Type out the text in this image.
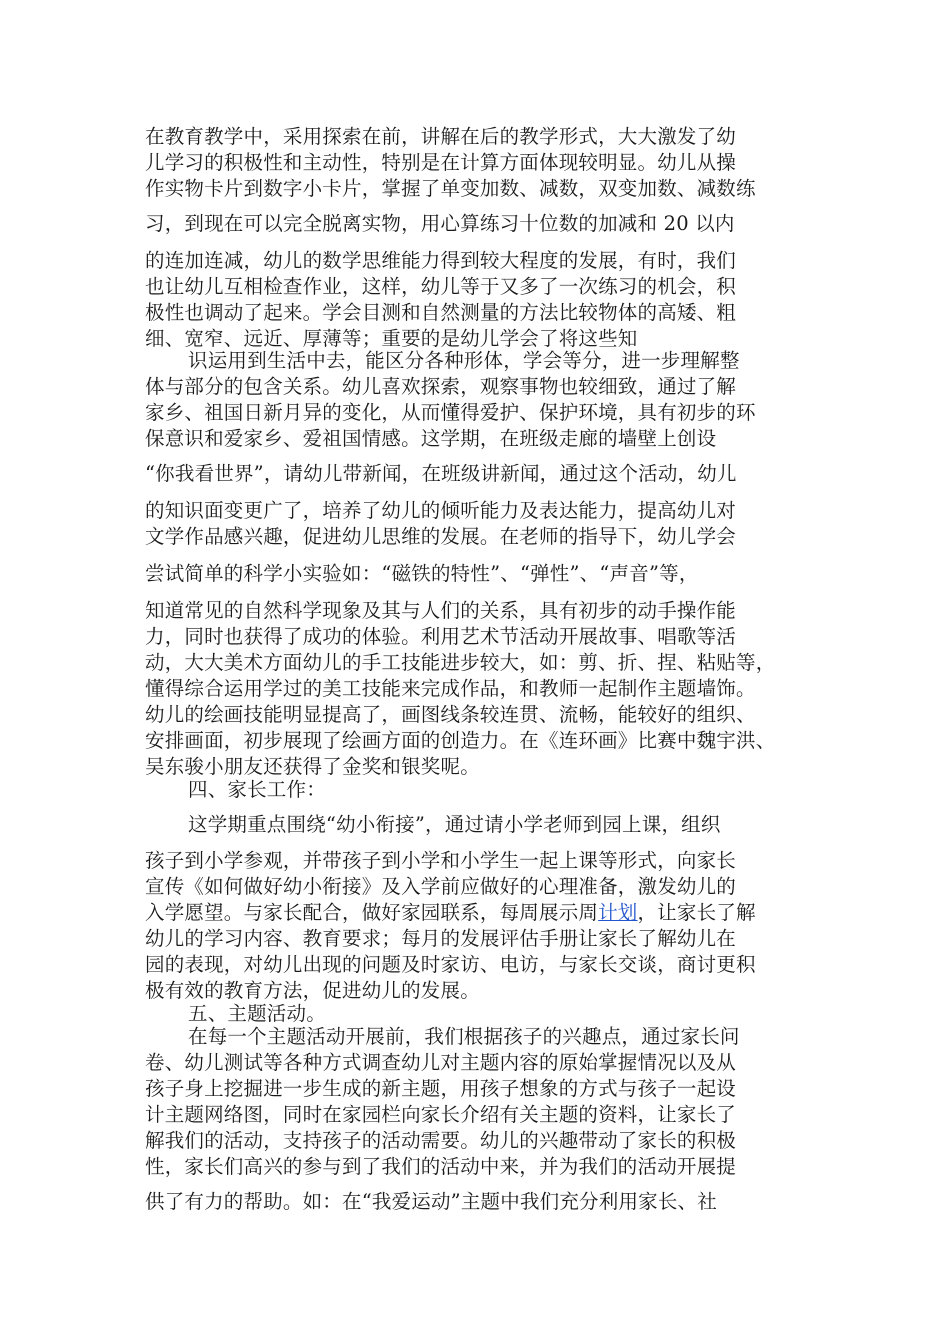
在教育教学中，采用探索在前，讲解在后的教学形式，大大激发了幼
儿学习的积极性和主动性，特别是在计算方面体现较明显。幼儿从操
作实物卡片到数字小卡片，掌握了单变加数、减数，双变加数、减数练
习，到现在可以完全脱离实物，用心算练习十位数的加减和 20 以内
的连加连减，幼儿的数学思维能力得到较大程度的发展，有时，我们
也让幼儿互相检查作业，这样，幼儿等于又多了一次练习的机会，积
极性也调动了起来。学会目测和自然测量的方法比较物体的高矮、粗
细、宽窄、远近、厚薄等；重要的是幼儿学会了将这些知
识运用到生活中去，能区分各种形体，学会等分，进一步理解整
体与部分的包含关系。幼儿喜欢探索，观察事物也较细致，通过了解
家乡、祖国日新月异的变化，从而懂得爱护、保护环境，具有初步的环
保意识和爱家乡、爱祖国情感。这学期，在班级走廊的墙壁上创设
“你我看世界”，请幼儿带新闻，在班级讲新闻，通过这个活动，幼儿
的知识面变更广了，培养了幼儿的倾听能力及表达能力，提高幼儿对
文学作品感兴趣，促进幼儿思维的发展。在老师的指导下，幼儿学会
尝试简单的科学小实验如：“磁铁的特性”、“弹性”、“声音”等，
知道常见的自然科学现象及其与人们的关系，具有初步的动手操作能
力，同时也获得了成功的体验。利用艺术节活动开展故事、唱歌等活
动，大大美术方面幼儿的手工技能进步较大，如：剪、折、捏、粘贴等，
懂得综合运用学过的美工技能来完成作品，和教师一起制作主题墙饰。
幼儿的绘画技能明显提高了，画图线条较连贯、流畅，能较好的组织、
安排画面，初步展现了绘画方面的创造力。在《连环画》比赛中魏宇洪、
吴东骏小朋友还获得了金奖和银奖呢。
四、家长工作：
这学期重点围绕“幼小衔接”，通过请小学老师到园上课，组织
孩子到小学参观，并带孩子到小学和小学生一起上课等形式，向家长
宣传《如何做好幼小衔接》及入学前应做好的心理准备，激发幼儿的
入学愿望。与家长配合，做好家园联系，每周展示周计划，让家长了解
幼儿的学习内容、教育要求；每月的发展评估手册让家长了解幼儿在
园的表现，对幼儿出现的问题及时家访、电访，与家长交谈，商讨更积
极有效的教育方法，促进幼儿的发展。
五、主题活动。
在每一个主题活动开展前，我们根据孩子的兴趣点，通过家长问
卷、幼儿测试等各种方式调查幼儿对主题内容的原始掌握情况以及从
孩子身上挖掘进一步生成的新主题，用孩子想象的方式与孩子一起设
计主题网络图，同时在家园栏向家长介绍有关主题的资料，让家长了
解我们的活动，支持孩子的活动需要。幼儿的兴趣带动了家长的积极
性，家长们高兴的参与到了我们的活动中来，并为我们的活动开展提
供了有力的帮助。如：在“我爱运动”主题中我们充分利用家长、社
